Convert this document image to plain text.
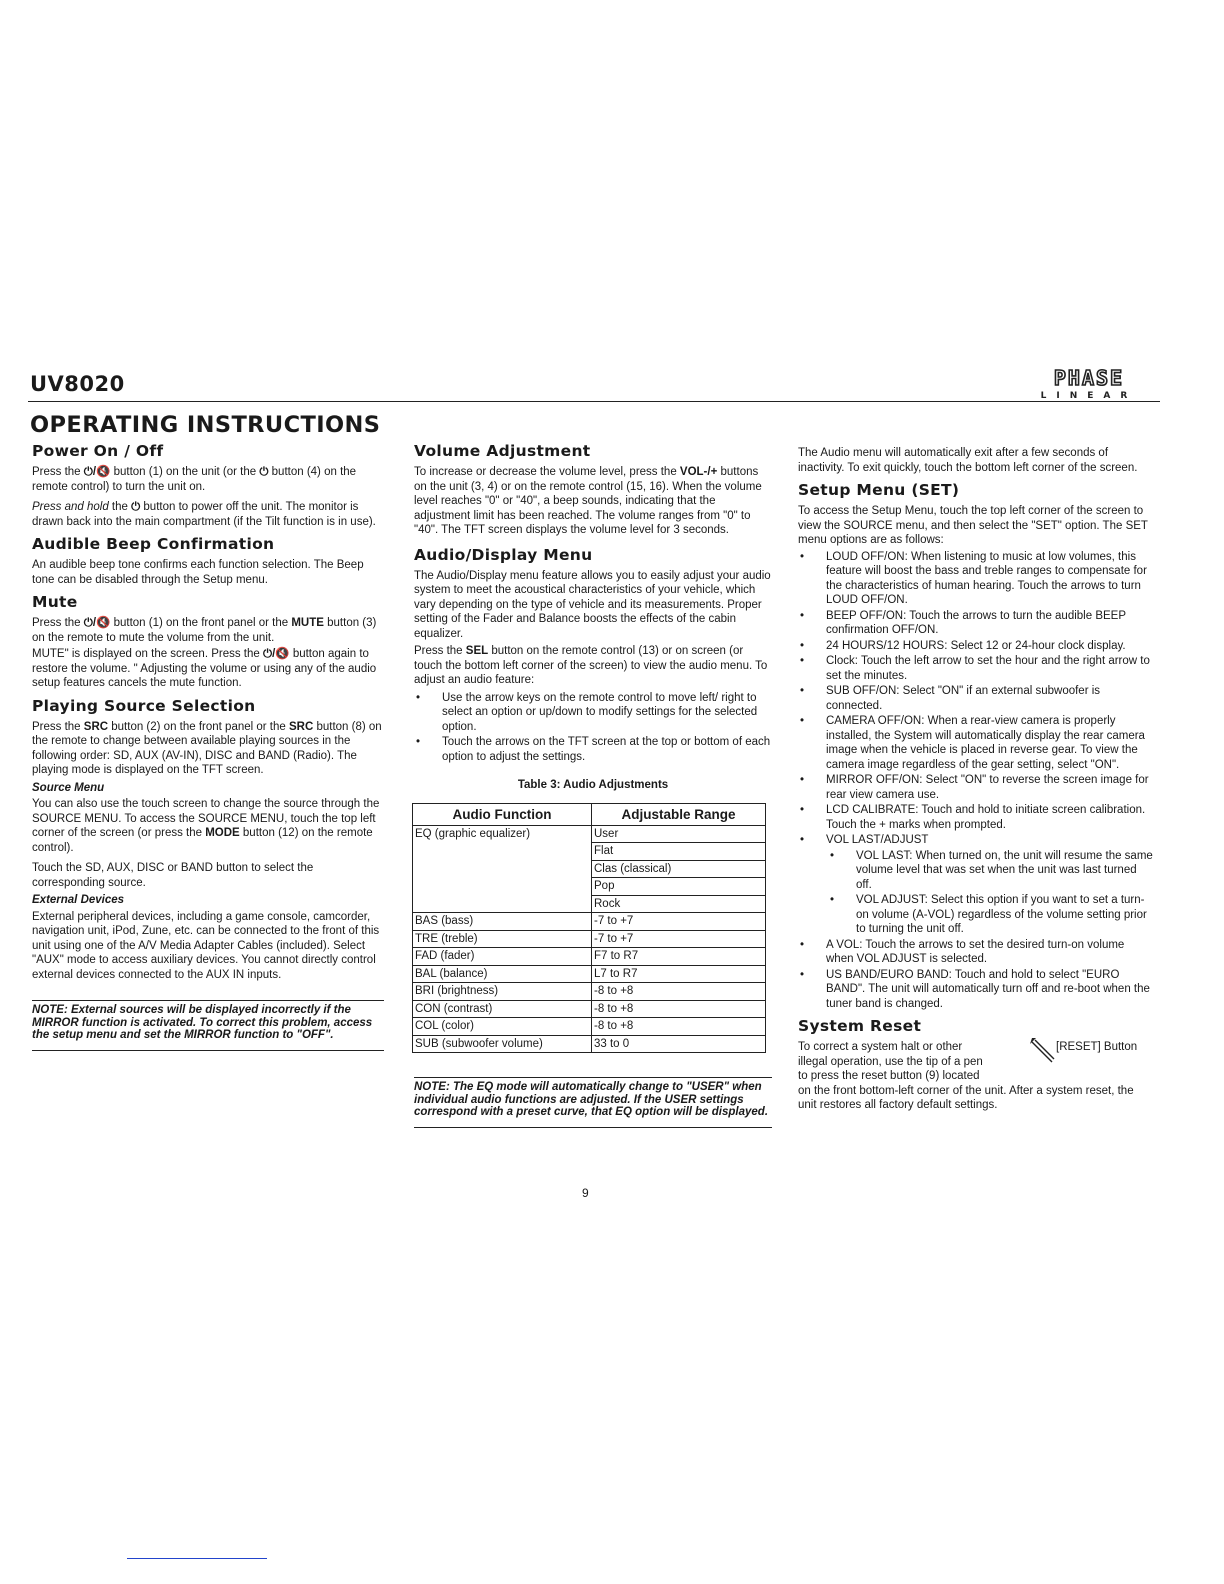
UV8020	PHASE
LINEAR
OPERATING INSTRUCTIONS
Power On / Off

Press the ⏻/🔇 button (1) on the unit (or the ⏻ button (4) on the remote control) to turn the unit on.

Press and hold the ⏻ button to power off the unit. The monitor is drawn back into the main compartment (if the Tilt function is in use).

Audible Beep Confirmation

An audible beep tone confirms each function selection. The Beep tone can be disabled through the Setup menu.

Mute

Press the ⏻/🔇 button (1) on the front panel or the MUTE button (3) on the remote to mute the volume from the unit.

MUTE" is displayed on the screen. Press the ⏻/🔇 button again to restore the volume. " Adjusting the volume or using any of the audio setup features cancels the mute function.

Playing Source Selection

Press the SRC button (2) on the front panel or the SRC button (8) on the remote to change between available playing sources in the following order: SD, AUX (AV-IN), DISC and BAND (Radio). The playing mode is displayed on the TFT screen.

Source Menu

You can also use the touch screen to change the source through the SOURCE MENU. To access the SOURCE MENU, touch the top left corner of the screen (or press the MODE button (12) on the remote control).

Touch the SD, AUX, DISC or BAND button to select the corresponding source.

External Devices

External peripheral devices, including a game console, camcorder, navigation unit, iPod, Zune, etc. can be connected to the front of this unit using one of the A/V Media Adapter Cables (included). Select "AUX" mode to access auxiliary devices. You cannot directly control external devices connected to the AUX IN inputs.

NOTE: External sources will be displayed incorrectly if the MIRROR function is activated. To correct this problem, access the setup menu and set the MIRROR function to "OFF".
Volume Adjustment

To increase or decrease the volume level, press the VOL-/+ buttons on the unit (3, 4) or on the remote control (15, 16). When the volume level reaches "0" or "40", a beep sounds, indicating that the adjustment limit has been reached. The volume ranges from "0" to "40". The TFT screen displays the volume level for 3 seconds.

Audio/Display Menu

The Audio/Display menu feature allows you to easily adjust your audio system to meet the acoustical characteristics of your vehicle, which vary depending on the type of vehicle and its measurements. Proper setting of the Fader and Balance boosts the effects of the cabin equalizer.

Press the SEL button on the remote control (13) or on screen (or touch the bottom left corner of the screen) to view the audio menu. To adjust an audio feature:

• Use the arrow keys on the remote control to move left/ right to select an option or up/down to modify settings for the selected option.
• Touch the arrows on the TFT screen at the top or bottom of each option to adjust the settings.
Table 3: Audio Adjustments
Audio Function	Adjustable Range
EQ (graphic equalizer)	User
	Flat
	Clas (classical)
	Pop
	Rock
BAS (bass)	-7 to +7
TRE (treble)	-7 to +7
FAD (fader)	F7 to R7
BAL (balance)	L7 to R7
BRI (brightness)	-8 to +8
CON (contrast)	-8 to +8
COL (color)	-8 to +8
SUB (subwoofer volume)	33 to 0
NOTE: The EQ mode will automatically change to "USER" when individual audio functions are adjusted. If the USER settings correspond with a preset curve, that EQ option will be displayed.

The Audio menu will automatically exit after a few seconds of inactivity. To exit quickly, touch the bottom left corner of the screen.

Setup Menu (SET)

To access the Setup Menu, touch the top left corner of the screen to view the SOURCE menu, and then select the "SET" option. The SET menu options are as follows:

• LOUD OFF/ON: When listening to music at low volumes, this feature will boost the bass and treble ranges to compensate for the characteristics of human hearing. Touch the arrows to turn LOUD OFF/ON.
• BEEP OFF/ON: Touch the arrows to turn the audible BEEP confirmation OFF/ON.
• 24 HOURS/12 HOURS: Select 12 or 24-hour clock display.
• Clock: Touch the left arrow to set the hour and the right arrow to set the minutes.
• SUB OFF/ON: Select "ON" if an external subwoofer is connected.
• CAMERA OFF/ON: When a rear-view camera is properly installed, the System will automatically display the rear camera image when the vehicle is placed in reverse gear. To view the camera image regardless of the gear setting, select "ON".
• MIRROR OFF/ON: Select "ON" to reverse the screen image for rear view camera use.
• LCD CALIBRATE: Touch and hold to initiate screen calibration. Touch the + marks when prompted.
• VOL LAST/ADJUST
• VOL LAST: When turned on, the unit will resume the same volume level that was set when the unit was last turned off.
• VOL ADJUST: Select this option if you want to set a turn-on volume (A-VOL) regardless of the volume setting prior to turning the unit off.
• A VOL: Touch the arrows to set the desired turn-on volume when VOL ADJUST is selected.
• US BAND/EURO BAND: Touch and hold to select "EURO BAND". The unit will automatically turn off and re-boot when the tuner band is changed.
System Reset
To correct a system halt or other
illegal operation, use the tip of a pen
to press the reset button (9) located
on the front bottom-left corner of the unit. After a system reset, the unit restores all factory default settings.
[RESET] Button
9
